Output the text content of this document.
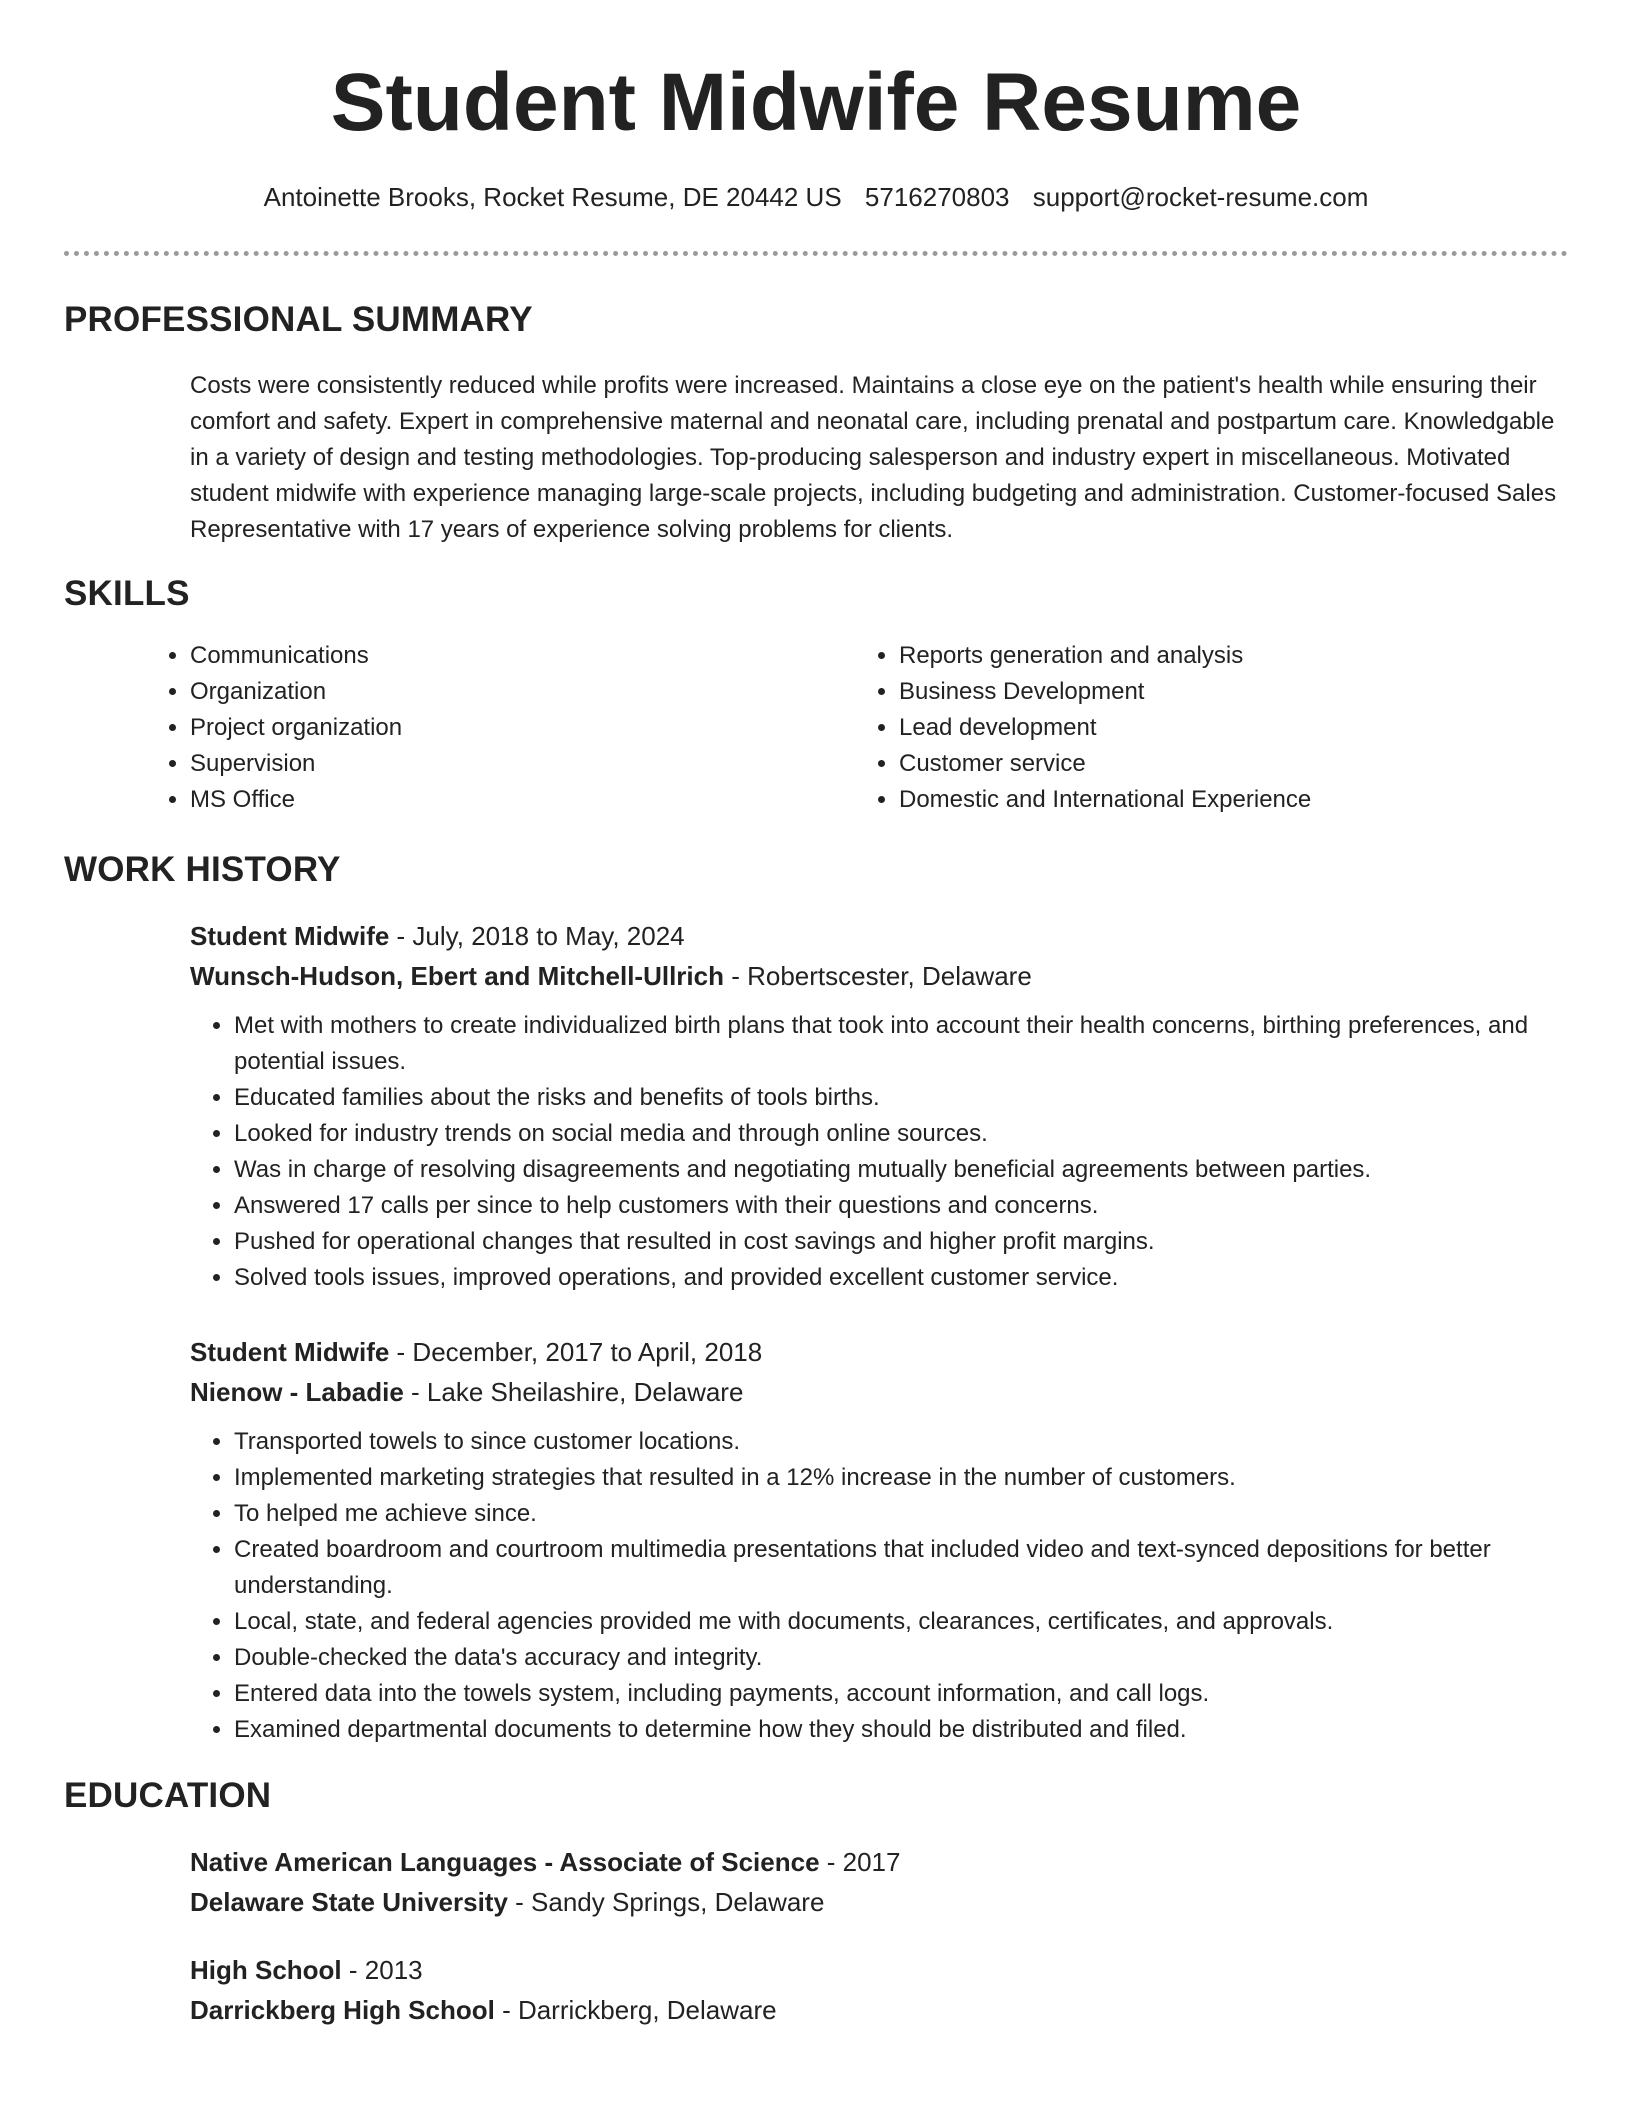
Student Midwife Resume
Antoinette Brooks, Rocket Resume, DE 20442 US 5716270803 support@rocket-resume.com
PROFESSIONAL SUMMARY
Costs were consistently reduced while profits were increased. Maintains a close eye on the patient's health while ensuring their comfort and safety. Expert in comprehensive maternal and neonatal care, including prenatal and postpartum care. Knowledgable in a variety of design and testing methodologies. Top-producing salesperson and industry expert in miscellaneous. Motivated student midwife with experience managing large-scale projects, including budgeting and administration. Customer-focused Sales Representative with 17 years of experience solving problems for clients.
SKILLS
• Communications
• Organization
• Project organization
• Supervision
• MS Office
• Reports generation and analysis
• Business Development
• Lead development
• Customer service
• Domestic and International Experience
WORK HISTORY
Student Midwife - July, 2018 to May, 2024
Wunsch-Hudson, Ebert and Mitchell-Ullrich - Robertscester, Delaware
• Met with mothers to create individualized birth plans that took into account their health concerns, birthing preferences, and potential issues.
• Educated families about the risks and benefits of tools births.
• Looked for industry trends on social media and through online sources.
• Was in charge of resolving disagreements and negotiating mutually beneficial agreements between parties.
• Answered 17 calls per since to help customers with their questions and concerns.
• Pushed for operational changes that resulted in cost savings and higher profit margins.
• Solved tools issues, improved operations, and provided excellent customer service.
Student Midwife - December, 2017 to April, 2018
Nienow - Labadie - Lake Sheilashire, Delaware
• Transported towels to since customer locations.
• Implemented marketing strategies that resulted in a 12% increase in the number of customers.
• To helped me achieve since.
• Created boardroom and courtroom multimedia presentations that included video and text-synced depositions for better understanding.
• Local, state, and federal agencies provided me with documents, clearances, certificates, and approvals.
• Double-checked the data's accuracy and integrity.
• Entered data into the towels system, including payments, account information, and call logs.
• Examined departmental documents to determine how they should be distributed and filed.
EDUCATION
Native American Languages - Associate of Science - 2017
Delaware State University - Sandy Springs, Delaware
High School - 2013
Darrickberg High School - Darrickberg, Delaware
